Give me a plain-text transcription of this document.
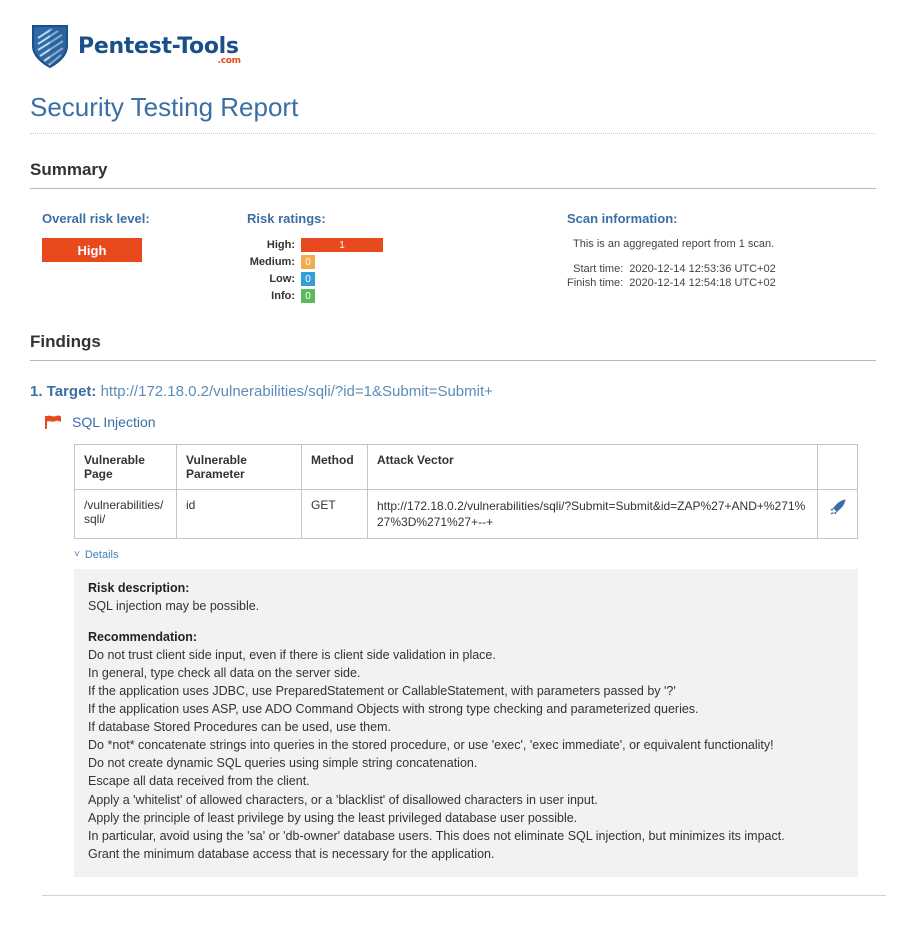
Pentest-Tools
.com
Security Testing Report
Summary
Overall risk level:
High
Risk ratings:
High:	1

Medium:	0

Low:	0

Info:	0
Scan information:
This is an aggregated report from 1 scan.
Start time:	2020-12-14 12:53:36 UTC+02
Finish time:	2020-12-14 12:54:18 UTC+02
Findings
1. Target: http://172.18.0.2/vulnerabilities/sqli/?id=1&Submit=Submit+
SQL Injection
Vulnerable Page	Vulnerable Parameter	Method	Attack Vector	
/vulnerabilities/sqli/	id	GET	http://172.18.0.2/vulnerabilities/sqli/?Submit=Submit&id=ZAP%27+AND+%271%27%3D%271%27+--+	
˅ Details
Risk description:

SQL injection may be possible.

Recommendation:
Do not trust client side input, even if there is client side validation in place.
In general, type check all data on the server side.
If the application uses JDBC, use PreparedStatement or CallableStatement, with parameters passed by '?'
If the application uses ASP, use ADO Command Objects with strong type checking and parameterized queries.
If database Stored Procedures can be used, use them.
Do *not* concatenate strings into queries in the stored procedure, or use 'exec', 'exec immediate', or equivalent functionality!
Do not create dynamic SQL queries using simple string concatenation.
Escape all data received from the client.
Apply a 'whitelist' of allowed characters, or a 'blacklist' of disallowed characters in user input.
Apply the principle of least privilege by using the least privileged database user possible.
In particular, avoid using the 'sa' or 'db-owner' database users. This does not eliminate SQL injection, but minimizes its impact.
Grant the minimum database access that is necessary for the application.
